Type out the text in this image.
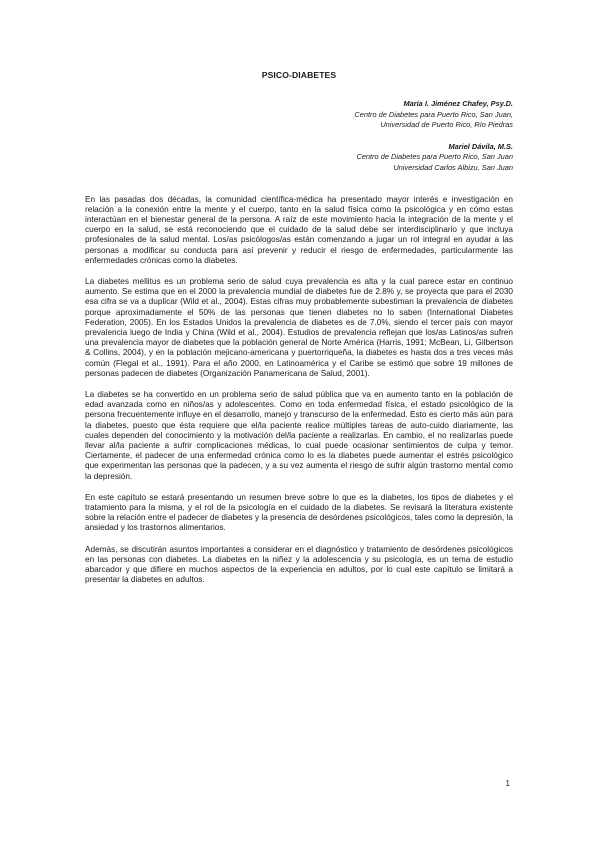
PSICO-DIABETES
María I. Jiménez Chafey, Psy.D.
Centro de Diabetes para Puerto Rico, San Juan,
Universidad de Puerto Rico, Río Piedras
Mariel Dávila, M.S.
Centro de Diabetes para Puerto Rico, San Juan
Universidad Carlos Albizu, San Juan

En las pasadas dos décadas, la comunidad científica-médica ha presentado mayor interés e investigación en relación a la conexión entre la mente y el cuerpo, tanto en la salud física como la psicológica y en cómo estas interactúan en el bienestar general de la persona. A raíz de este movimiento hacia la integración de la mente y el cuerpo en la salud, se está reconociendo que el cuidado de la salud debe ser interdisciplinario y que incluya profesionales de la salud mental. Los/as psicólogos/as están comenzando a jugar un rol integral en ayudar a las personas a modificar su conducta para así prevenir y reducir el riesgo de enfermedades, particularmente las enfermedades crónicas como la diabetes.

La diabetes mellitus es un problema serio de salud cuya prevalencia es alta y la cual parece estar en continuo aumento. Se estima que en el 2000 la prevalencia mundial de diabetes fue de 2.8% y, se proyecta que para el 2030 esa cifra se va a duplicar (Wild et al., 2004). Estas cifras muy probablemente subestiman la prevalencia de diabetes porque aproximadamente el 50% de las personas que tienen diabetes no lo saben (International Diabetes Federation, 2005). En los Estados Unidos la prevalencia de diabetes es de 7.0%, siendo el tercer país con mayor prevalencia luego de India y China (Wild et al., 2004). Estudios de prevalencia reflejan que los/as Latinos/as sufren una prevalencia mayor de diabetes que la población general de Norte América (Harris, 1991; McBean, Li, Gilbertson & Collins, 2004), y en la población mejicano-americana y puertorriqueña, la diabetes es hasta dos a tres veces más común (Flegal et al., 1991). Para el año 2000, en Latinoamérica y el Caribe se estimó que sobre 19 millones de personas padecen de diabetes (Organización Panamericana de Salud, 2001).

La diabetes se ha convertido en un problema serio de salud pública que va en aumento tanto en la población de edad avanzada como en niños/as y adolescentes. Como en toda enfermedad física, el estado psicológico de la persona frecuentemente influye en el desarrollo, manejo y transcurso de la enfermedad. Esto es cierto más aún para la diabetes, puesto que ésta requiere que el/la paciente realice múltiples tareas de auto-cuido diariamente, las cuales dependen del conocimiento y la motivación del/la paciente a realizarlas. En cambio, el no realizarlas puede llevar al/la paciente a sufrir complicaciones médicas, lo cual puede ocasionar sentimientos de culpa y temor. Ciertamente, el padecer de una enfermedad crónica como lo es la diabetes puede aumentar el estrés psicológico que experimentan las personas que la padecen, y a su vez aumenta el riesgo de sufrir algún trastorno mental como la depresión.

En este capítulo se estará presentando un resumen breve sobre lo que es la diabetes, los tipos de diabetes y el tratamiento para la misma, y el rol de la psicología en el cuidado de la diabetes. Se revisará la literatura existente sobre la relación entre el padecer de diabetes y la presencia de desórdenes psicológicos, tales como la depresión, la ansiedad y los trastornos alimentarios.

Además, se discutirán asuntos importantes a considerar en el diagnóstico y tratamiento de desórdenes psicológicos en las personas con diabetes. La diabetes en la niñez y la adolescencia y su psicología, es un tema de estudio abarcador y que difiere en muchos aspectos de la experiencia en adultos, por lo cual este capítulo se limitará a presentar la diabetes en adultos.

1
